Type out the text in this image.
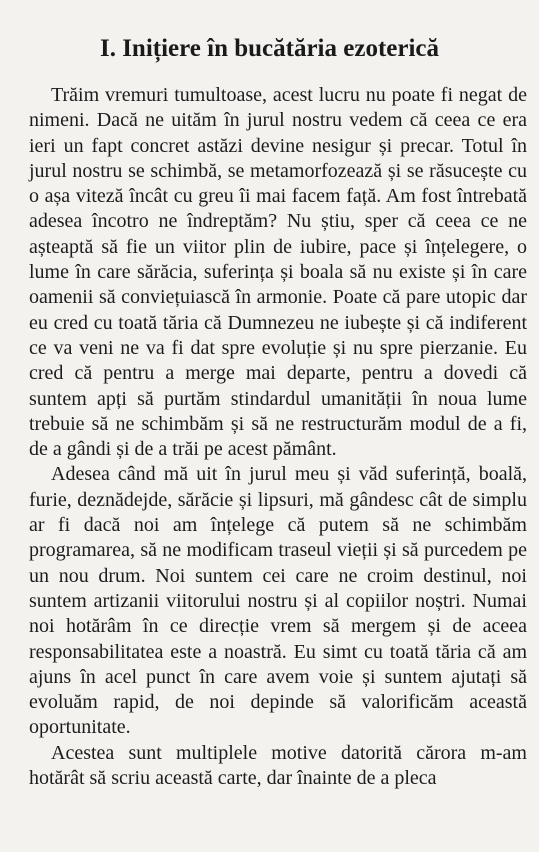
I. Inițiere în bucătăria ezoterică

Trăim vremuri tumultoase, acest lucru nu poate fi negat de nimeni. Dacă ne uităm în jurul nostru vedem că ceea ce era ieri un fapt concret astăzi devine nesigur și precar. Totul în jurul nostru se schimbă, se metamorfozează și se răsucește cu o așa viteză încât cu greu îi mai facem față. Am fost întrebată adesea încotro ne îndreptăm? Nu știu, sper că ceea ce ne așteaptă să fie un viitor plin de iubire, pace și înțelegere, o lume în care sărăcia, suferința și boala să nu existe și în care oamenii să conviețuiască în armonie. Poate că pare utopic dar eu cred cu toată tăria că Dumnezeu ne iubește și că indiferent ce va veni ne va fi dat spre evoluție și nu spre pierzanie. Eu cred că pentru a merge mai departe, pentru a dovedi că suntem apți să purtăm stindardul umanității în noua lume trebuie să ne schimbăm și să ne restructurăm modul de a fi, de a gândi și de a trăi pe acest pământ.

Adesea când mă uit în jurul meu și văd suferință, boală, furie, deznădejde, sărăcie și lipsuri, mă gândesc cât de simplu ar fi dacă noi am înțelege că putem să ne schimbăm programarea, să ne modificam traseul vieții și să purcedem pe un nou drum. Noi suntem cei care ne croim destinul, noi suntem artizanii viitorului nostru și al copiilor noștri. Numai noi hotărâm în ce direcție vrem să mergem și de aceea responsabilitatea este a noastră. Eu simt cu toată tăria că am ajuns în acel punct în care avem voie și suntem ajutați să evoluăm rapid, de noi depinde să valorificăm această oportunitate.

Acestea sunt multiplele motive datorită cărora m-am hotărât să scriu această carte, dar înainte de a pleca
